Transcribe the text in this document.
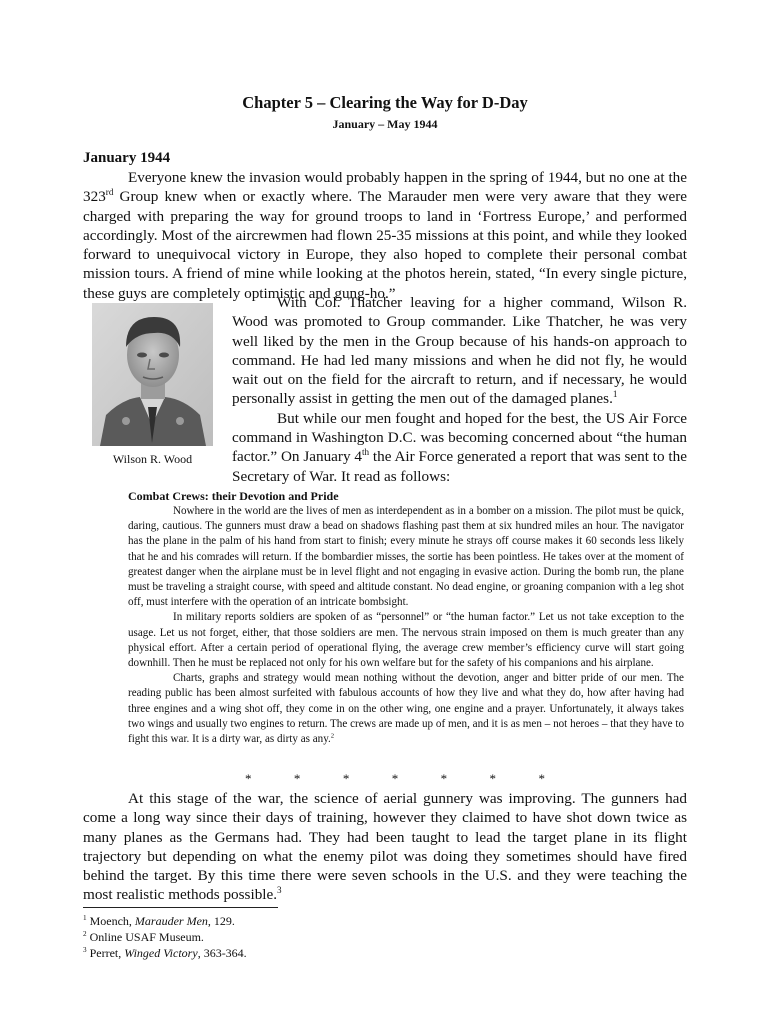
Chapter 5 – Clearing the Way for D-Day
January – May 1944
January 1944

Everyone knew the invasion would probably happen in the spring of 1944, but no one at the 323rd Group knew when or exactly where. The Marauder men were very aware that they were charged with preparing the way for ground troops to land in ‘Fortress Europe,’ and performed accordingly. Most of the aircrewmen had flown 25-35 missions at this point, and while they looked forward to unequivocal victory in Europe, they also hoped to complete their personal combat mission tours. A friend of mine while looking at the photos herein, stated, “In every single picture, these guys are completely optimistic and gung-ho.”

Wilson R. Wood

With Col. Thatcher leaving for a higher command, Wilson R. Wood was promoted to Group commander. Like Thatcher, he was very well liked by the men in the Group because of his hands-on approach to command. He had led many missions and when he did not fly, he would wait out on the field for the aircraft to return, and if necessary, he would personally assist in getting the men out of the damaged planes.$^1$

But while our men fought and hoped for the best, the US Air Force command in Washington D.C. was becoming concerned about “the human factor.” On January 4th the Air Force generated a report that was sent to the Secretary of War. It read as follows:

Combat Crews: their Devotion and Pride

Nowhere in the world are the lives of men as interdependent as in a bomber on a mission. The pilot must be quick, daring, cautious. The gunners must draw a bead on shadows flashing past them at six hundred miles an hour. The navigator has the plane in the palm of his hand from start to finish; every minute he strays off course makes it 60 seconds less likely that he and his comrades will return. If the bombardier misses, the sortie has been pointless. He takes over at the moment of greatest danger when the airplane must be in level flight and not engaging in evasive action. During the bomb run, the plane must be traveling a straight course, with speed and altitude constant. No dead engine, or groaning companion with a leg shot off, must interfere with the operation of an intricate bombsight.

In military reports soldiers are spoken of as “personnel” or “the human factor.” Let us not take exception to the usage. Let us not forget, either, that those soldiers are men. The nervous strain imposed on them is much greater than any physical effort. After a certain period of operational flying, the average crew member’s efficiency curve will start going downhill. Then he must be replaced not only for his own welfare but for the safety of his companions and his airplane.

Charts, graphs and strategy would mean nothing without the devotion, anger and bitter pride of our men. The reading public has been almost surfeited with fabulous accounts of how they live and what they do, how after having had three engines and a wing shot off, they come in on the other wing, one engine and a prayer. Unfortunately, it always takes two wings and usually two engines to return. The crews are made up of men, and it is as men – not heroes – that they have to fight this war. It is a dirty war, as dirty as any.$^2$

*	*	*	*	*	*	*

At this stage of the war, the science of aerial gunnery was improving. The gunners had come a long way since their days of training, however they claimed to have shot down twice as many planes as the Germans had. They had been taught to lead the target plane in its flight trajectory but depending on what the enemy pilot was doing they sometimes should have fired behind the target. By this time there were seven schools in the U.S. and they were teaching the most realistic methods possible.$^3$

$^1$ Moench, Marauder Men, 129.
$^2$ Online USAF Museum.
$^3$ Perret, Winged Victory, 363-364.
